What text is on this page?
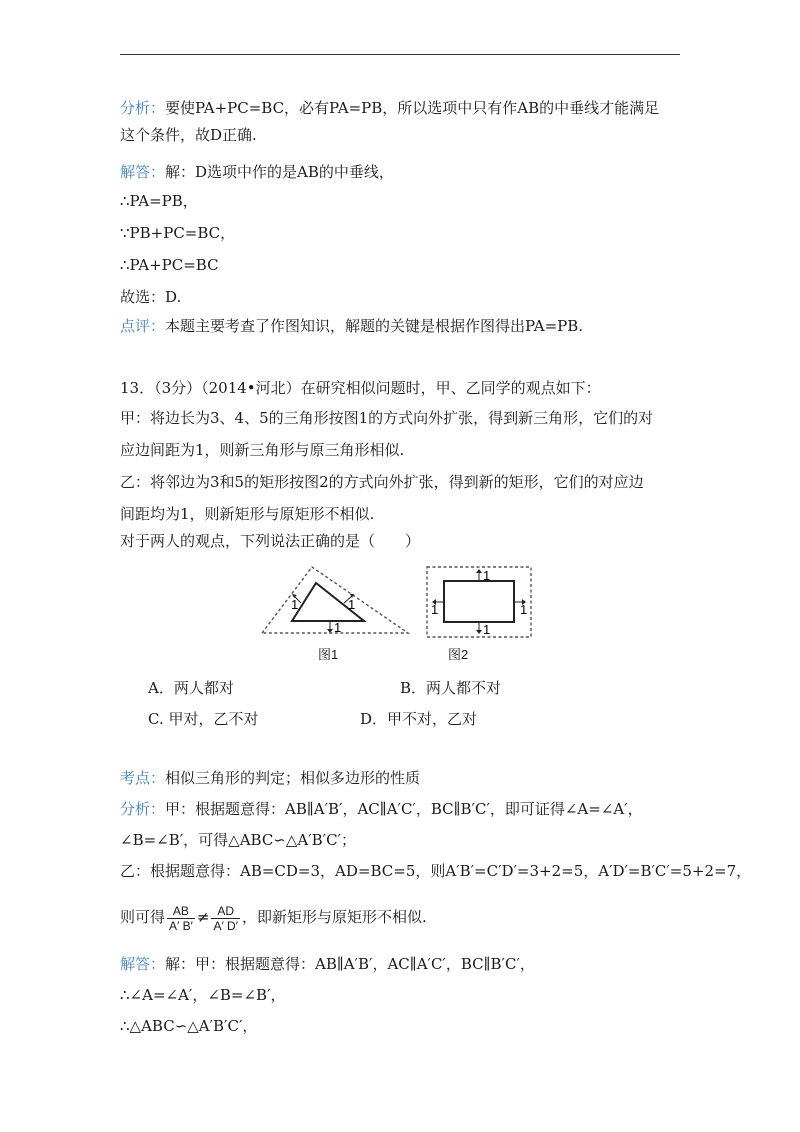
分析：要使PA+PC=BC，必有PA=PB，所以选项中只有作AB的中垂线才能满足
这个条件，故D正确.
解答：解：D选项中作的是AB的中垂线，
∴PA=PB，
∵PB+PC=BC，
∴PA+PC=BC
故选：D.
点评：本题主要考查了作图知识，解题的关键是根据作图得出PA=PB.
13．（3分）（2014•河北）在研究相似问题时，甲、乙同学的观点如下：
甲：将边长为3、4、5的三角形按图1的方式向外扩张，得到新三角形，它们的对
应边间距为1，则新三角形与原三角形相似.
乙：将邻边为3和5的矩形按图2的方式向外扩张，得到新的矩形，它们的对应边
间距均为1，则新矩形与原矩形不相似.
对于两人的观点，下列说法正确的是（　　）
1	1
1
图1
1
1
1	1
图2
A．两人都对	B．两人都不对
C. 甲对，乙不对	D．甲不对，乙对
考点：相似三角形的判定；相似多边形的性质
分析：甲：根据题意得：AB∥A′B′，AC∥A′C′，BC∥B′C′，即可证得∠A=∠A′，
∠B=∠B′，可得△ABC∽△A′B′C′；
乙：根据题意得：AB=CD=3，AD=BC=5，则A′B′=C′D′=3+2=5，A′D′=B′C′=5+2=7，
则可得 $\frac{AB}{A' B'} \ne \frac{AD}{A' D'}$ ，即新矩形与原矩形不相似.
解答：解：甲：根据题意得：AB∥A′B′，AC∥A′C′，BC∥B′C′，
∴∠A=∠A′，∠B=∠B′，
∴△ABC∽△A′B′C′，
